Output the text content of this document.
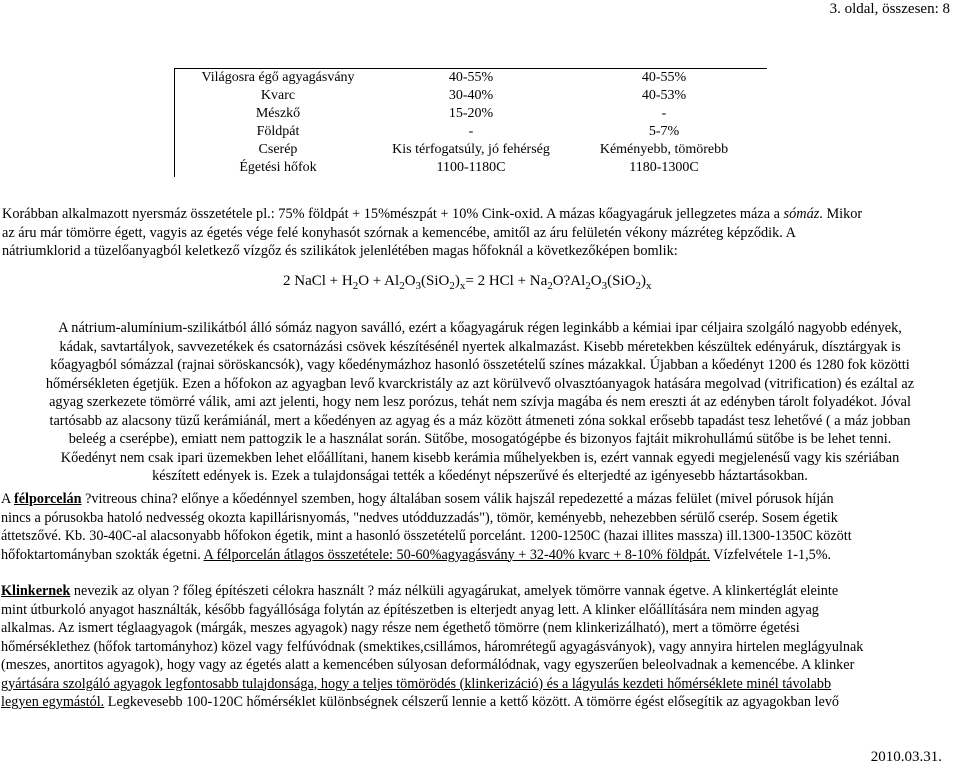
3. oldal, összesen: 8
Világosra égő agyagásvány	40-55%	40-55%
Kvarc	30-40%	40-53%
Mészkő	15-20%	-
Földpát	-	5-7%
Cserép	Kis térfogatsúly, jó fehérség	Kéményebb, tömörebb
Égetési hőfok	1100-1180C	1180-1300C
Korábban alkalmazott nyersmáz összetétele pl.: 75% földpát + 15%mészpát + 10% Cink-oxid. A mázas kőagyagáruk jellegzetes máza a sómáz. Mikor
az áru már tömörre égett, vagyis az égetés vége felé konyhasót szórnak a kemencébe, amitől az áru felületén vékony mázréteg képződik. A
nátriumklorid a tüzelőanyagból keletkező vízgőz és szilikátok jelenlétében magas hőfoknál a következőképen bomlik:
2 NaCl + $H_2O + Al_2O_3(SiO_2)_x= 2$ HCl + $Na_2O?Al_2O_3(SiO_2)_x$
A nátrium-alumínium-szilikátból álló sómáz nagyon saválló, ezért a kőagyagáruk régen leginkább a kémiai ipar céljaira szolgáló nagyobb edények,
kádak, savtartályok, savvezetékek és csatornázási csövek készítésénél nyertek alkalmazást. Kisebb méretekben készültek edényáruk, dísztárgyak is
kőagyagból sómázzal (rajnai söröskancsók), vagy kőedénymázhoz hasonló összetételű színes mázakkal. Újabban a kőedényt 1200 és 1280 fok közötti
hőmérsékleten égetjük. Ezen a hőfokon az agyagban levő kvarckristály az azt körülvevő olvasztóanyagok hatására megolvad (vitrification) és ezáltal az
agyag szerkezete tömörré válik, ami azt jelenti, hogy nem lesz porózus, tehát nem szívja magába és nem ereszti át az edényben tárolt folyadékot. Jóval
tartósabb az alacsony tüzű kerámiánál, mert a kőedényen az agyag és a máz között átmeneti zóna sokkal erősebb tapadást tesz lehetővé ( a máz jobban
beleég a cserépbe), emiatt nem pattogzik le a használat során. Sütőbe, mosogatógépbe és bizonyos fajtáit mikrohullámú sütőbe is be lehet tenni.
Kőedényt nem csak ipari üzemekben lehet előállítani, hanem kisebb kerámia műhelyekben is, ezért vannak egyedi megjelenésű vagy kis szériában
készített edények is. Ezek a tulajdonságai tették a kőedényt népszerűvé és elterjedté az igényesebb háztartásokban.
A félporcelán ?vitreous china? előnye a kőedénnyel szemben, hogy általában sosem válik hajszál repedezetté a mázas felület (mivel pórusok híján
nincs a pórusokba hatoló nedvesség okozta kapillárisnyomás, "nedves utódduzzadás"), tömör, keményebb, nehezebben sérülő cserép. Sosem égetik
áttetszővé. Kb. 30-40C-al alacsonyabb hőfokon égetik, mint a hasonló összetételű porcelánt. 1200-1250C (hazai illites massza) ill.1300-1350C között
hőfoktartományban szokták égetni. A félporcelán átlagos összetétele: 50-60%agyagásvány + 32-40% kvarc + 8-10% földpát. Vízfelvétele 1-1,5%.
Klinkernek nevezik az olyan ? főleg építészeti célokra használt ? máz nélküli agyagárukat, amelyek tömörre vannak égetve. A klinkertéglát eleinte
mint útburkoló anyagot használták, később fagyállósága folytán az építészetben is elterjedt anyag lett. A klinker előállítására nem minden agyag
alkalmas. Az ismert téglaagyagok (márgák, meszes agyagok) nagy része nem égethető tömörre (nem klinkerizálható), mert a tömörre égetési
hőmérséklethez (hőfok tartományhoz) közel vagy felfúvódnak (smektikes,csillámos, háromrétegű agyagásványok), vagy annyira hirtelen meglágyulnak
(meszes, anortitos agyagok), hogy vagy az égetés alatt a kemencében súlyosan deformálódnak, vagy egyszerűen beleolvadnak a kemencébe. A klinker
gyártására szolgáló agyagok legfontosabb tulajdonsága, hogy a teljes tömörödés (klinkerizáció) és a lágyulás kezdeti hőmérséklete minél távolabb
legyen egymástól. Legkevesebb 100-120C hőmérséklet különbségnek célszerű lennie a kettő között. A tömörre égést elősegítik az agyagokban levő
2010.03.31.
